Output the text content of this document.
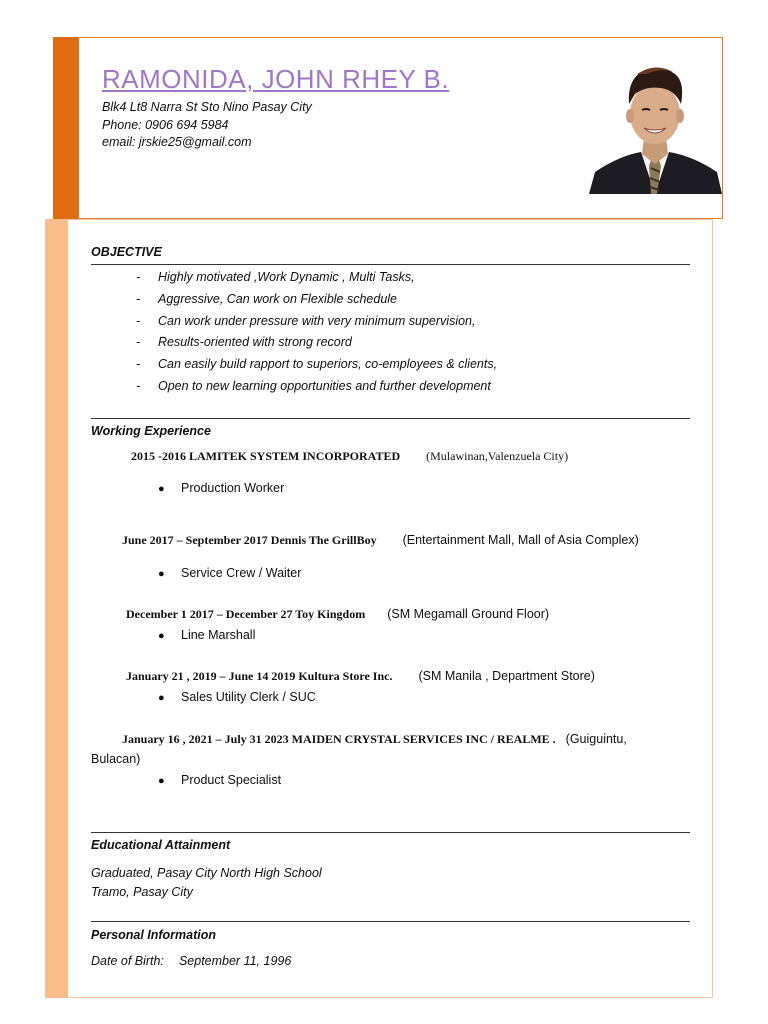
RAMONIDA, JOHN RHEY B.
Blk4 Lt8 Narra St Sto Nino Pasay City
Phone: 0906 694 5984
email: jrskie25@gmail.com
OBJECTIVE
- Highly motivated ,Work Dynamic , Multi Tasks,
- Aggressive, Can work on Flexible schedule
- Can work under pressure with very minimum supervision,
- Results-oriented with strong record
- Can easily build rapport to superiors, co-employees & clients,
- Open to new learning opportunities and further development
Working Experience
2015 -2016 LAMITEK SYSTEM INCORPORATED (Mulawinan,Valenzuela City)
● Production Worker
June 2017 – September 2017 Dennis The GrillBoy (Entertainment Mall, Mall of Asia Complex)
● Service Crew / Waiter
December 1 2017 – December 27 Toy Kingdom (SM Megamall Ground Floor)
● Line Marshall
January 21 , 2019 – June 14 2019 Kultura Store Inc. (SM Manila , Department Store)
● Sales Utility Clerk / SUC
January 16 , 2021 – July 31 2023 MAIDEN CRYSTAL SERVICES INC / REALME . (Guiguintu,
Bulacan)
● Product Specialist
Educational Attainment
Graduated, Pasay City North High School
Tramo, Pasay City
Personal Information
Date of Birth: September 11, 1996
